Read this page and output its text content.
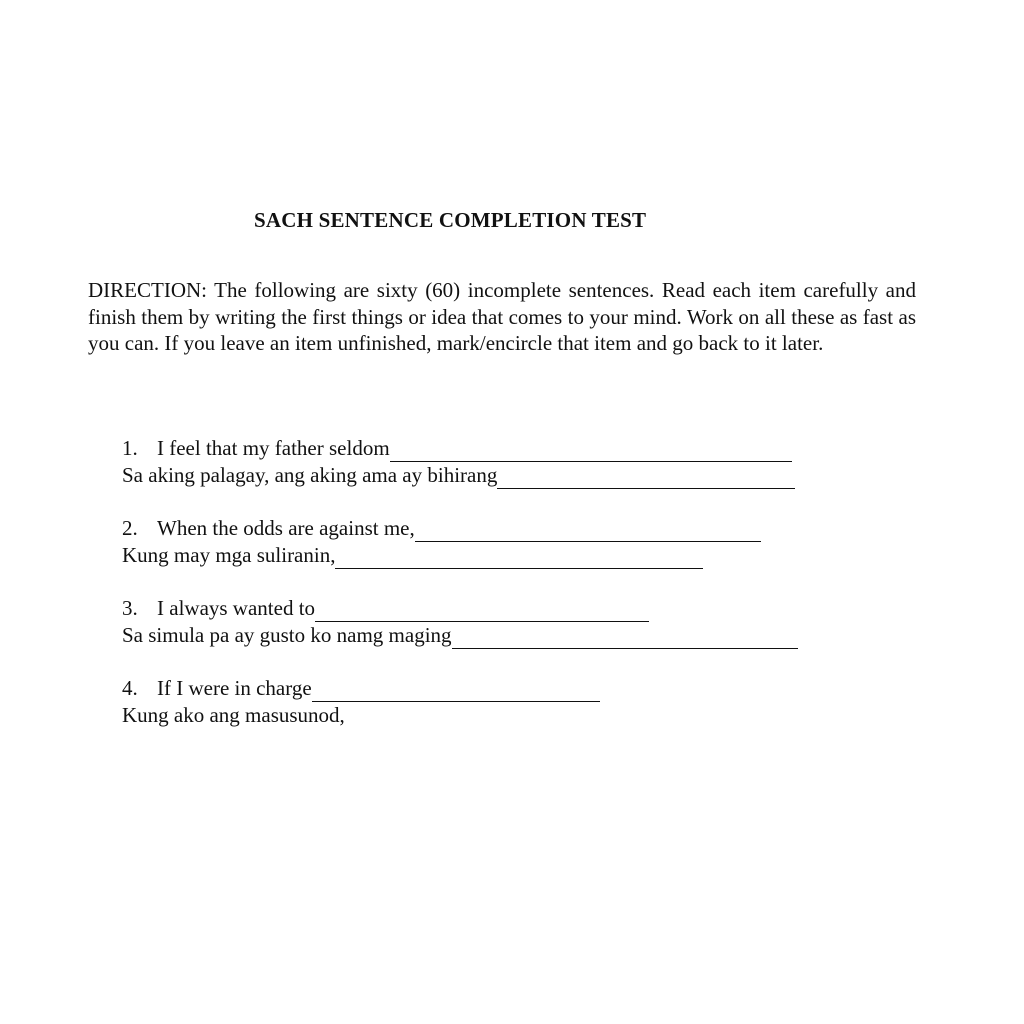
SACH SENTENCE COMPLETION TEST
DIRECTION: The following are sixty (60) incomplete sentences. Read each item carefully and finish them by writing the first things or idea that comes to your mind. Work on all these as fast as you can. If you leave an item unfinished, mark/encircle that item and go back to it later.
1. I feel that my father seldom
Sa aking palagay, ang aking ama ay bihirang
2. When the odds are against me,
Kung may mga suliranin,
3. I always wanted to
Sa simula pa ay gusto ko namg maging
4. If I were in charge
Kung ako ang masusunod,
